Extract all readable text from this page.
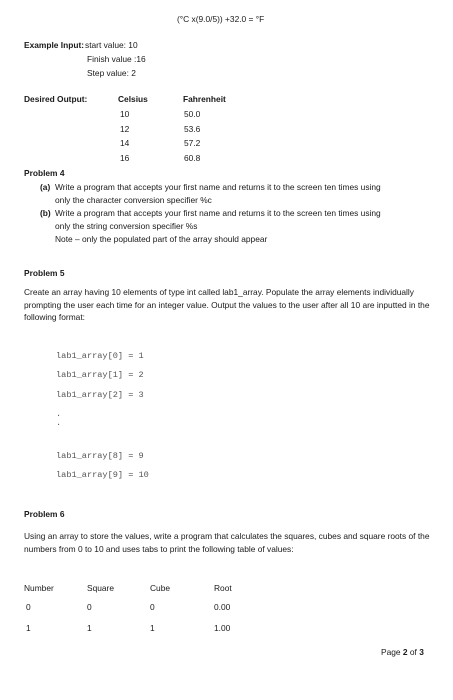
(°C x(9.0/5)) +32.0 = °F
Example Input: start value: 10
Finish value :16
Step value: 2
Desired Output:	Celsius	Fahrenheit
10	50.0
12	53.6
14	57.2
16	60.8
Problem 4
(a) Write a program that accepts your first name and returns it to the screen ten times using
only the character conversion specifier %c
(b) Write a program that accepts your first name and returns it to the screen ten times using
only the string conversion specifier %s
Note – only the populated part of the array should appear
Problem 5
Create an array having 10 elements of type int called lab1_array. Populate the array elements individually prompting the user each time for an integer value. Output the values to the user after all 10 are inputted in the following format:
lab1_array[0] = 1
lab1_array[1] = 2
lab1_array[2] = 3
.
.
lab1_array[8] = 9
lab1_array[9] = 10
Problem 6
Using an array to store the values, write a program that calculates the squares, cubes and square roots of the numbers from 0 to 10 and uses tabs to print the following table of values:
Number	Square	Cube	Root
0	0	0	0.00
1	1	1	1.00
Page 2 of 3
